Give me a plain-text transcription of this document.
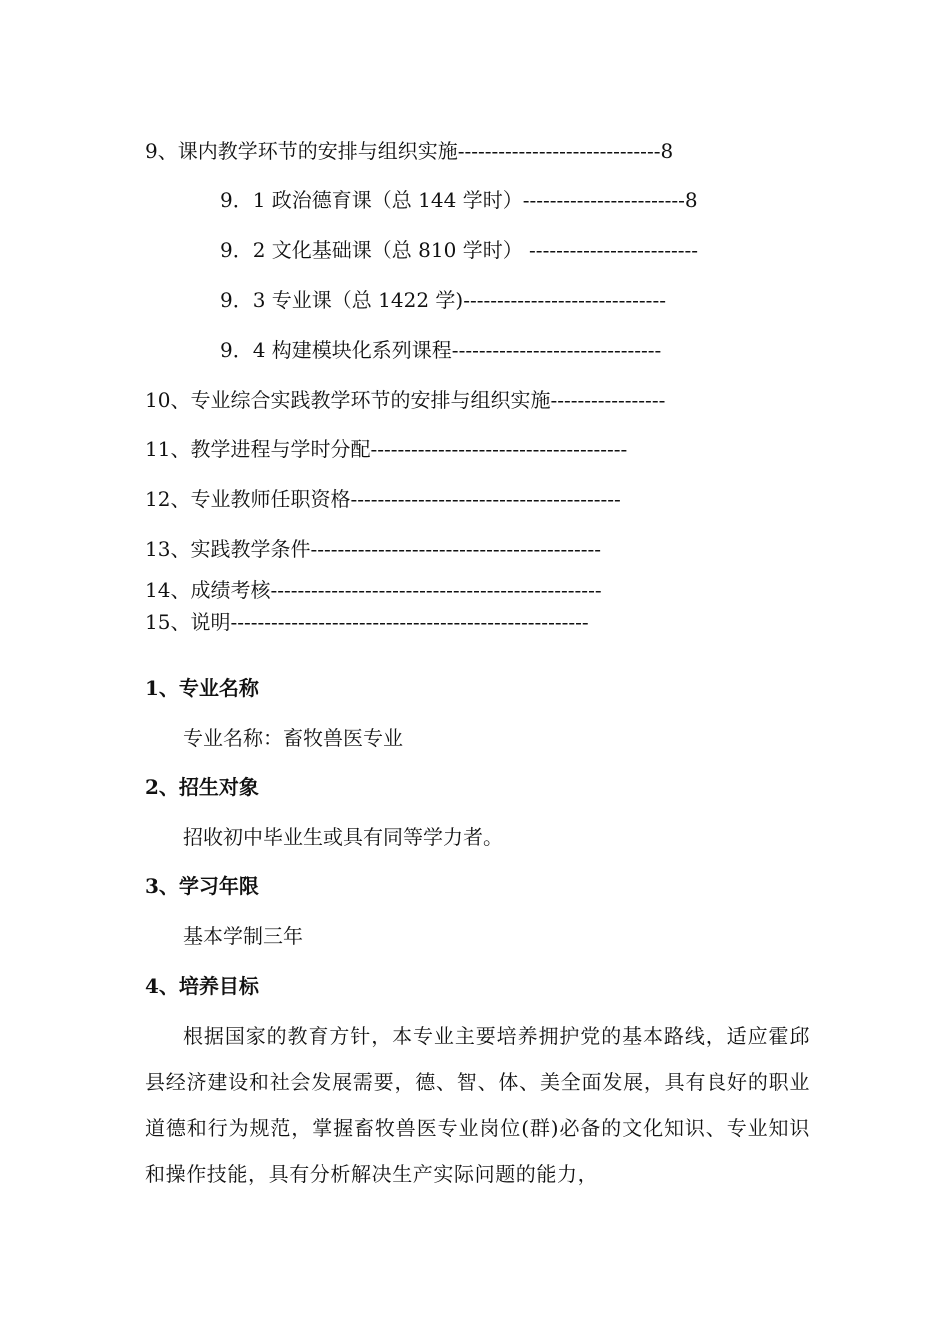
9、课内教学环节的安排与组织实施------------------------------8
9．1 政治德育课（总 144 学时）------------------------8
9．2 文化基础课（总 810 学时） -------------------------
9．3 专业课（总 1422 学)------------------------------
9．4 构建模块化系列课程-------------------------------
10、专业综合实践教学环节的安排与组织实施-----------------
11、教学进程与学时分配--------------------------------------
12、专业教师任职资格----------------------------------------
13、实践教学条件-------------------------------------------
14、成绩考核-------------------------------------------------
15、说明-----------------------------------------------------
1、专业名称
专业名称：畜牧兽医专业
2、招生对象
招收初中毕业生或具有同等学力者。
3、学习年限
基本学制三年
4、培养目标
根据国家的教育方针，本专业主要培养拥护党的基本路线，适应霍邱县经济建设和社会发展需要，德、智、体、美全面发展，具有良好的职业道德和行为规范，掌握畜牧兽医专业岗位(群)必备的文化知识、专业知识和操作技能，具有分析解决生产实际问题的能力，
